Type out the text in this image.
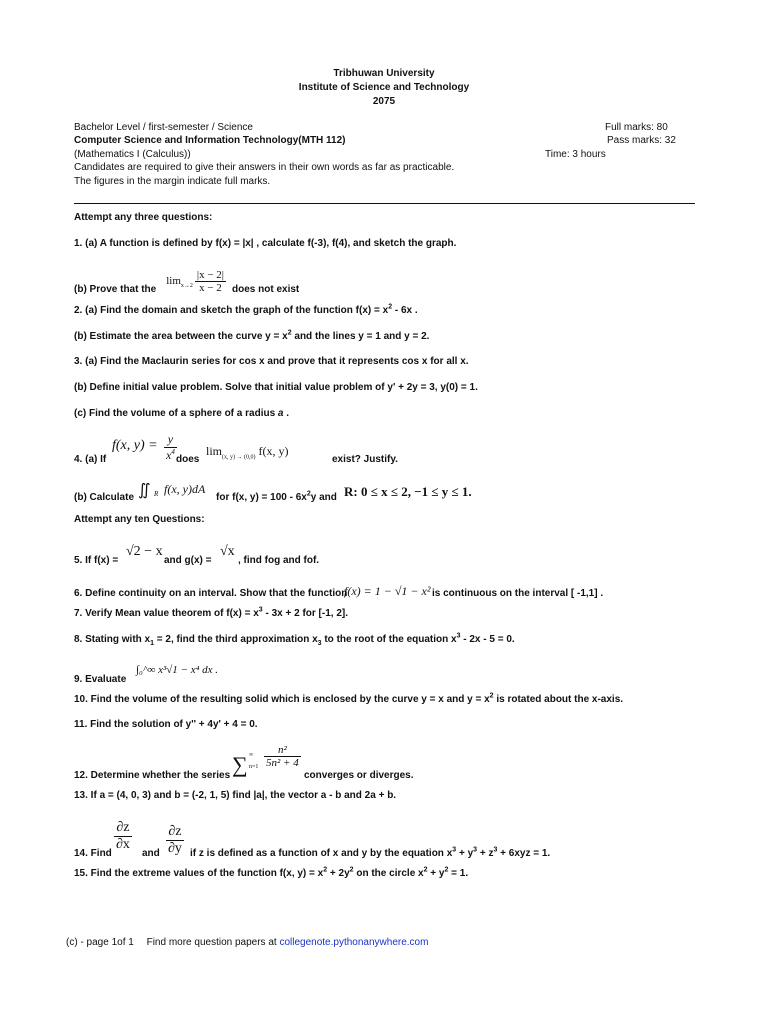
Tribhuwan University
Institute of Science and Technology
2075
Bachelor Level / first-semester / Science
Computer Science and Information Technology(MTH 112)
(Mathematics I (Calculus))
Candidates are required to give their answers in their own words as far as practicable.
The figures in the margin indicate full marks.
Full marks: 80
Pass marks: 32
Time: 3 hours
Attempt any three questions:
1. (a) A function is defined by f(x) = |x| , calculate f(-3), f(4), and sketch the graph.
(b) Prove that the
$\lim_{x\to 2} \frac{|x - 2|}{x - 2}$ does not exist
2. (a) Find the domain and sketch the graph of the function $f(x) = x^2 - 6x$ .
(b) Estimate the area between the curve $y = x^2$ and the lines y = 1 and y = 2.
3. (a) Find the Maclaurin series for cos x and prove that it represents cos x for all x.
(b) Define initial value problem. Solve that initial value problem of y' + 2y = 3, y(0) = 1.
(c) Find the volume of a sphere of a radius a .
4. (a) If
f(x, $y) = \frac{y}{x^4}$ does
$\lim_{(x, y) \to (0,0)} f(x$, y)
exist? Justify.
(b) Calculate ∬ R f(x, y)dA
for f(x, $y) = 100 - 6x^2y$ and R: 0 ≤ x ≤ 2, −1 ≤ y ≤ 1.
Attempt any ten Questions:
5. If f(x) =
√2 − x
and g(x) =
√x
, find fog and fof.
6. Define continuity on an interval. Show that the function
f(x) = 1 − √1 − x² is continuous on the interval [ -1,1] .
7. Verify Mean value theorem of $f(x) = x^3 - 3x + 2$ for [-1, 2].
8. Stating with $x_1 = 2$, find the third approximation $x_3$ to the root of the equation $x^3 - 2x - 5 = 0$.
9. Evaluate
∫₀^∞ x³√1 − x⁴ dx .
10. Find the volume of the resulting solid which is enclosed by the curve y = x and $y = x^2$ is rotated about the x-axis.
11. Find the solution of y'' + 4y' + 4 = 0.
12. Determine whether the series ∑ ∞
$n=1 \frac{\text{n²}}{\text{5n² + 4}}$
converges or diverges.
13. If a = (4, 0, 3) and b = (-2, 1, 5) find |a|, the vector a - b and 2a + b.
14. Find
$\frac{\partial z}{\partial x}$
and $\frac{\partial z}{\partial y}$ if z is defined as a function of x and y by the equation $x^3 + y^3 + z^3 + 6xyz = 1$.
15. Find the extreme values of the function f(x, $y) = x^2 + 2y^2$ on the circle $x^2 + y^2 = 1$.
(c) - page 1of 1 Find more question papers at collegenote.pythonanywhere.com
